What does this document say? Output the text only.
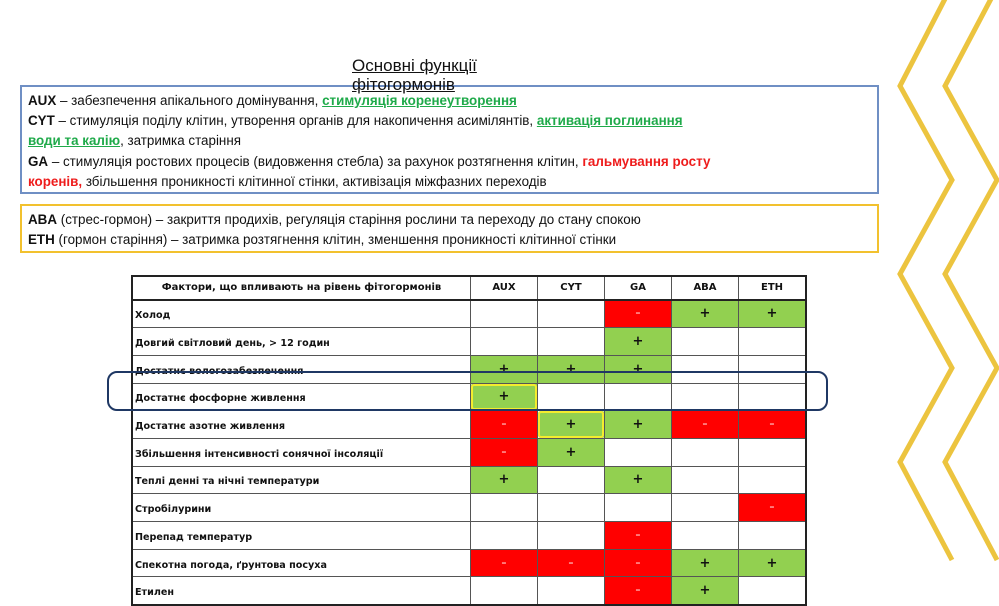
AUX – забезпечення апікального домінування, стимуляція коренеутворення
CYT – стимуляція поділу клітин, утворення органів для накопичення асимілянтів, активація поглинання
води та калію, затримка старіння
GA – стимуляція ростових процесів (видовження стебла) за рахунок розтягнення клітин, гальмування росту
коренів, збільшення проникності клітинної стінки, активізація міжфазних переходів
ABA (стрес-гормон) – закриття продихів, регуляція старіння рослини та переходу до стану спокою
ETH (гормон старіння) – затримка розтягнення клітин, зменшення проникності клітинної стінки
Основні функції фітогормонів
Фактори, що впливають на рівень фітогормонів	AUX	CYT	GA	ABA	ETH
Холод			-	+	+
Довгий світловий день, > 12 годин			+		
Достатнє вологозабезпечення	+	+	+		
Достатнє фосфорне живлення	+				
Достатнє азотне живлення	-	+	+	-	-
Збільшення інтенсивності сонячної інсоляції	-	+			
Теплі денні та нічні температури	+		+		
Стробілурини					-
Перепад температур			-		
Спекотна погода, ґрунтова посуха	-	-	-	+	+
Етилен			-	+	
